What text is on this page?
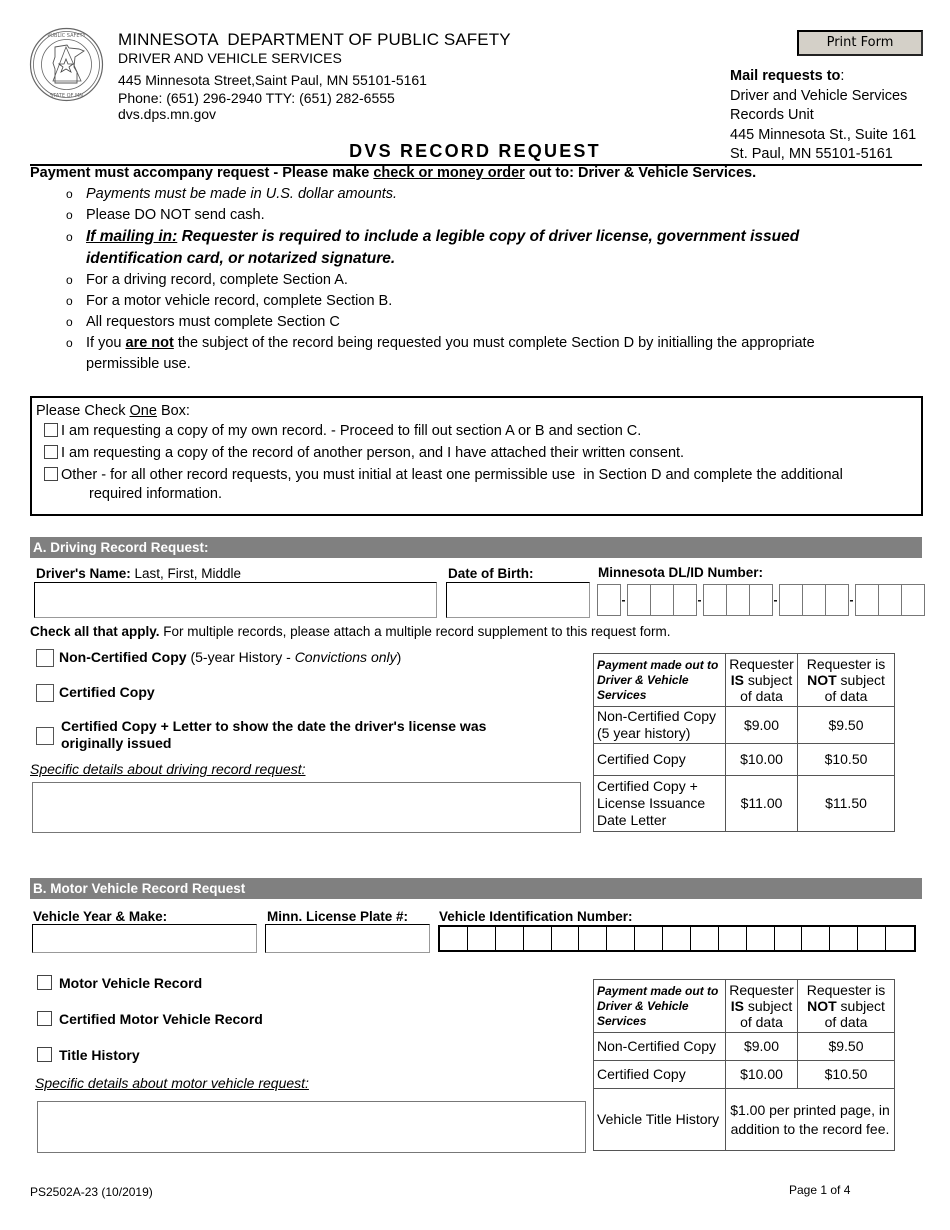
PUBLIC SAFETY
STATE OF MN
MINNESOTA  DEPARTMENT OF PUBLIC SAFETY
DRIVER AND VEHICLE SERVICES
445 Minnesota Street,Saint Paul, MN 55101-5161
Phone: (651) 296-2940 TTY: (651) 282-6555
dvs.dps.mn.gov
Print Form
Mail requests to:
Driver and Vehicle Services
Records Unit
445 Minnesota St., Suite 161
St. Paul, MN 55101-5161
DVS RECORD REQUEST
Payment must accompany request - Please make check or money order out to: Driver & Vehicle Services.
o Payments must be made in U.S. dollar amounts.
o Please DO NOT send cash.
o If mailing in: Requester is required to include a legible copy of driver license, government issued identification card, or notarized signature.
o For a driving record, complete Section A.
o For a motor vehicle record, complete Section B.
o All requestors must complete Section C
o If you are not the subject of the record being requested you must complete Section D by initialling the appropriate permissible use.
Please Check One Box:
I am requesting a copy of my own record. - Proceed to fill out section A or B and section C.
I am requesting a copy of the record of another person, and I have attached their written consent.
Other - for all other record requests, you must initial at least one permissible use  in Section D and complete the additional
required information.
A. Driving Record Request:
Driver's Name: Last, First, Middle	Date of Birth:	Minnesota DL/ID Number:
-	-	-	-
Check all that apply. For multiple records, please attach a multiple record supplement to this request form.
Non-Certified Copy (5-year History - Convictions only)
Certified Copy
Certified Copy + Letter to show the date the driver's license was
originally issued
Specific details about driving record request:
Payment made out to Driver & Vehicle Services	Requester
IS subject
of data	Requester is
NOT subject
of data
Non-Certified Copy (5 year history)	$9.00	$9.50
Certified Copy	$10.00	$10.50
Certified Copy + License Issuance Date Letter	$11.00	$11.50
B. Motor Vehicle Record Request
Vehicle Year & Make:	Minn. License Plate #: Vehicle Identification Number:
Motor Vehicle Record
Certified Motor Vehicle Record
Title History
Specific details about motor vehicle request:
Payment made out to Driver & Vehicle Services	Requester
IS subject
of data	Requester is
NOT subject
of data
Non-Certified Copy	$9.00	$9.50
Certified Copy	$10.00	$10.50
Vehicle Title History	$1.00 per printed page, in addition to the record fee.	
PS2502A-23 (10/2019)	Page 1 of 4
